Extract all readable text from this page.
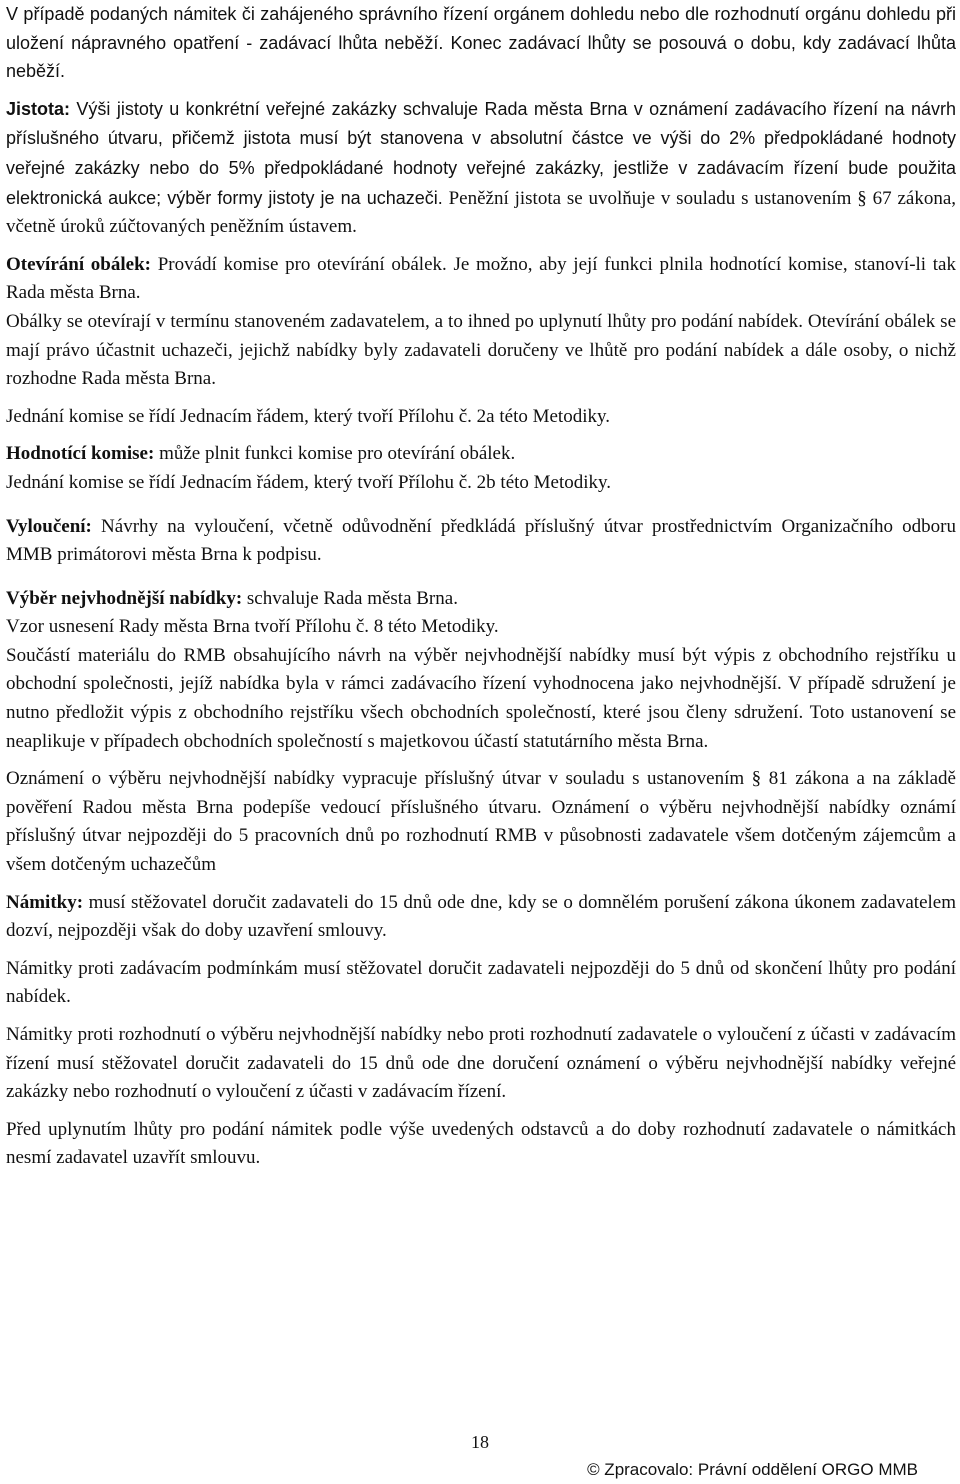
V případě podaných námitek či zahájeného správního řízení orgánem dohledu nebo dle rozhodnutí orgánu dohledu při uložení nápravného opatření - zadávací lhůta neběží. Konec zadávací lhůty se posouvá o dobu, kdy zadávací lhůta neběží.

Jistota: Výši jistoty u konkrétní veřejné zakázky schvaluje Rada města Brna v oznámení zadávacího řízení na návrh příslušného útvaru, přičemž jistota musí být stanovena v absolutní částce ve výši do 2% předpokládané hodnoty veřejné zakázky nebo do 5% předpokládané hodnoty veřejné zakázky, jestliže v zadávacím řízení bude použita elektronická aukce; výběr formy jistoty je na uchazeči. Peněžní jistota se uvolňuje v souladu s ustanovením § 67 zákona, včetně úroků zúčtovaných peněžním ústavem.

Otevírání obálek: Provádí komise pro otevírání obálek. Je možno, aby její funkci plnila hodnotící komise, stanoví-li tak Rada města Brna.

Obálky se otevírají v termínu stanoveném zadavatelem, a to ihned po uplynutí lhůty pro podání nabídek. Otevírání obálek se mají právo účastnit uchazeči, jejichž nabídky byly zadavateli doručeny ve lhůtě pro podání nabídek a dále osoby, o nichž rozhodne Rada města Brna.

Jednání komise se řídí Jednacím řádem, který tvoří Přílohu č. 2a této Metodiky.

Hodnotící komise: může plnit funkci komise pro otevírání obálek.

Jednání komise se řídí Jednacím řádem, který tvoří Přílohu č. 2b této Metodiky.

Vyloučení: Návrhy na vyloučení, včetně odůvodnění předkládá příslušný útvar prostřednictvím Organizačního odboru MMB primátorovi města Brna k podpisu.

Výběr nejvhodnější nabídky: schvaluje Rada města Brna.

Vzor usnesení Rady města Brna tvoří Přílohu č. 8 této Metodiky.

Součástí materiálu do RMB obsahujícího návrh na výběr nejvhodnější nabídky musí být výpis z obchodního rejstříku u obchodní společnosti, jejíž nabídka byla v rámci zadávacího řízení vyhodnocena jako nejvhodnější. V případě sdružení je nutno předložit výpis z obchodního rejstříku všech obchodních společností, které jsou členy sdružení. Toto ustanovení se neaplikuje v případech obchodních společností s majetkovou účastí statutárního města Brna.

Oznámení o výběru nejvhodnější nabídky vypracuje příslušný útvar v souladu s ustanovením § 81 zákona a na základě pověření Radou města Brna podepíše vedoucí příslušného útvaru. Oznámení o výběru nejvhodnější nabídky oznámí příslušný útvar nejpozději do 5 pracovních dnů po rozhodnutí RMB v působnosti zadavatele všem dotčeným zájemcům a všem dotčeným uchazečům

Námitky: musí stěžovatel doručit zadavateli do 15 dnů ode dne, kdy se o domnělém porušení zákona úkonem zadavatelem dozví, nejpozději však do doby uzavření smlouvy.

Námitky proti zadávacím podmínkám musí stěžovatel doručit zadavateli nejpozději do 5 dnů od skončení lhůty pro podání nabídek.

Námitky proti rozhodnutí o výběru nejvhodnější nabídky nebo proti rozhodnutí zadavatele o vyloučení z účasti v zadávacím řízení musí stěžovatel doručit zadavateli do 15 dnů ode dne doručení oznámení o výběru nejvhodnější nabídky veřejné zakázky nebo rozhodnutí o vyloučení z účasti v zadávacím řízení.

Před uplynutím lhůty pro podání námitek podle výše uvedených odstavců a do doby rozhodnutí zadavatele o námitkách nesmí zadavatel uzavřít smlouvu.

18
© Zpracovalo: Právní oddělení ORGO MMB
